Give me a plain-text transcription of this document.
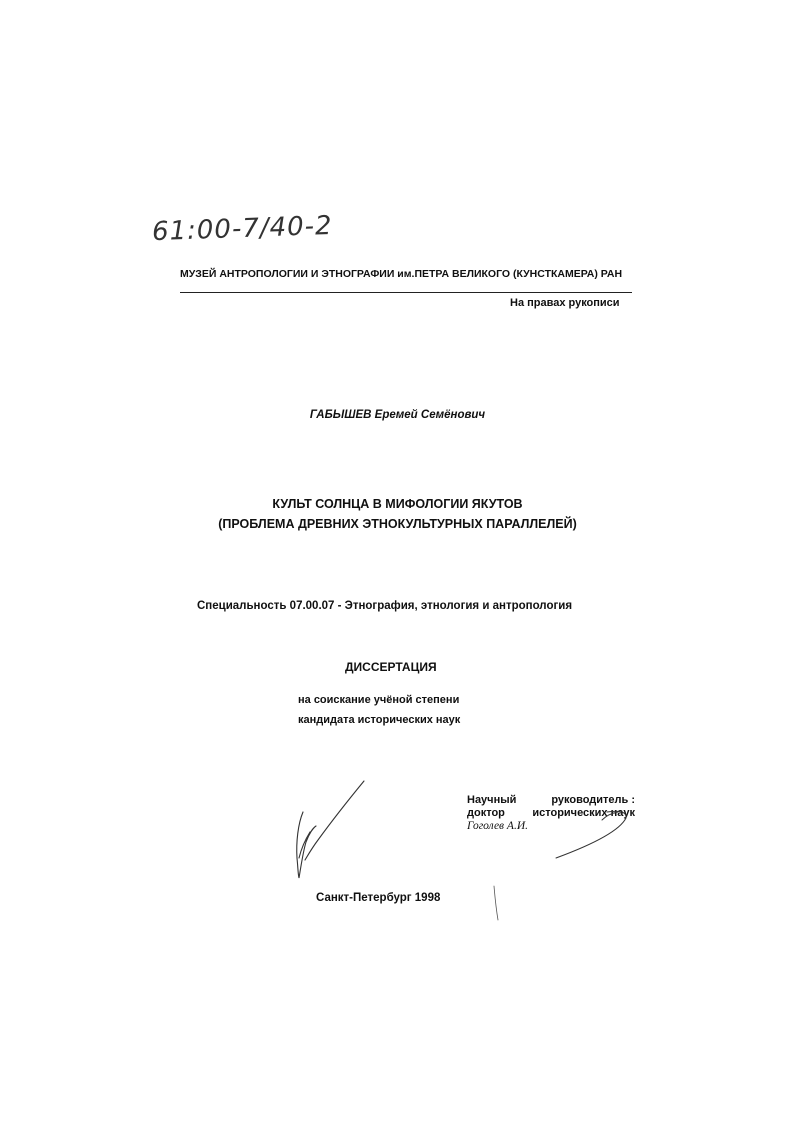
61:00-7/40-2
МУЗЕЙ АНТРОПОЛОГИИ И ЭТНОГРАФИИ им.ПЕТРА ВЕЛИКОГО (КУНСТКАМЕРА) РАН
На правах рукописи
ГАБЫШЕВ Еремей Семёнович
КУЛЬТ СОЛНЦА В МИФОЛОГИИ ЯКУТОВ
(ПРОБЛЕМА ДРЕВНИХ ЭТНОКУЛЬТУРНЫХ ПАРАЛЛЕЛЕЙ)
Специальность 07.00.07 - Этнография, этнология и антропология
ДИССЕРТАЦИЯ
на соискание учёной степени
кандидата исторических наук
Научный	руководитель :
доктор исторических наук
Гоголев А.И.
Санкт-Петербург 1998
